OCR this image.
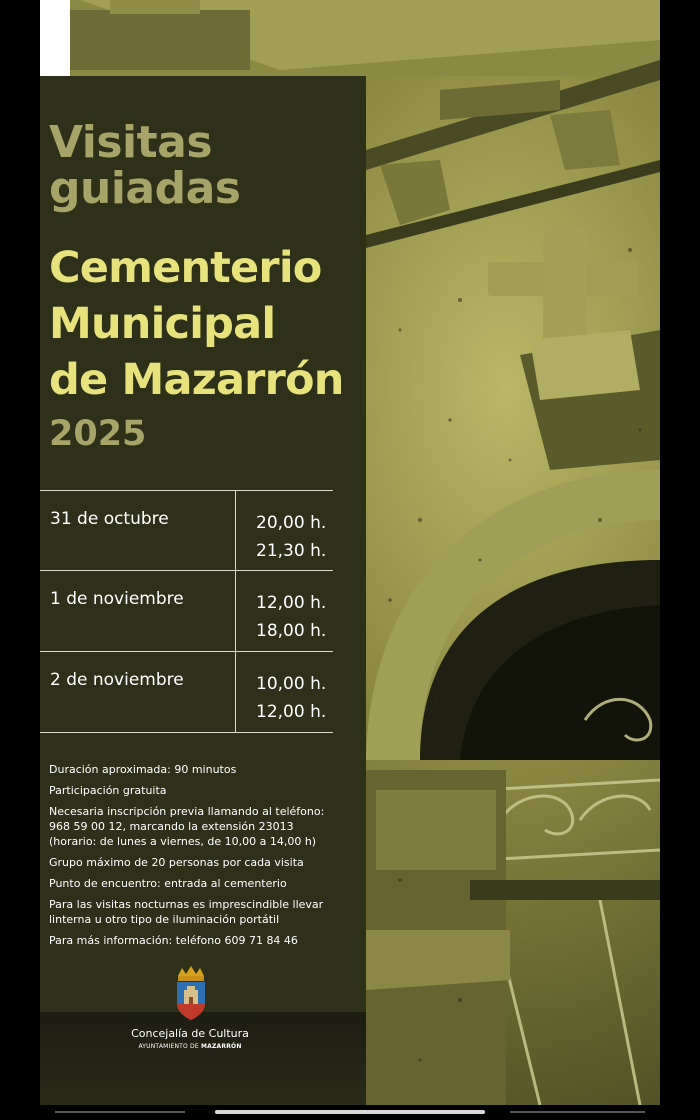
Visitas
guiadas
Cementerio
Municipal
de Mazarrón
2025
31 de octubre	20,00 h.
21,30 h.
1 de noviembre	12,00 h.
18,00 h.
2 de noviembre	10,00 h.
12,00 h.

Duración aproximada: 90 minutos

Participación gratuita

Necesaria inscripción previa llamando al teléfono:
968 59 00 12, marcando la extensión 23013
(horario: de lunes a viernes, de 10,00 a 14,00 h)

Grupo máximo de 20 personas por cada visita

Punto de encuentro: entrada al cementerio

Para las visitas nocturnas es imprescindible llevar
linterna u otro tipo de iluminación portátil

Para más información: teléfono 609 71 84 46

Concejalía de Cultura
AYUNTAMIENTO DE MAZARRÓN
